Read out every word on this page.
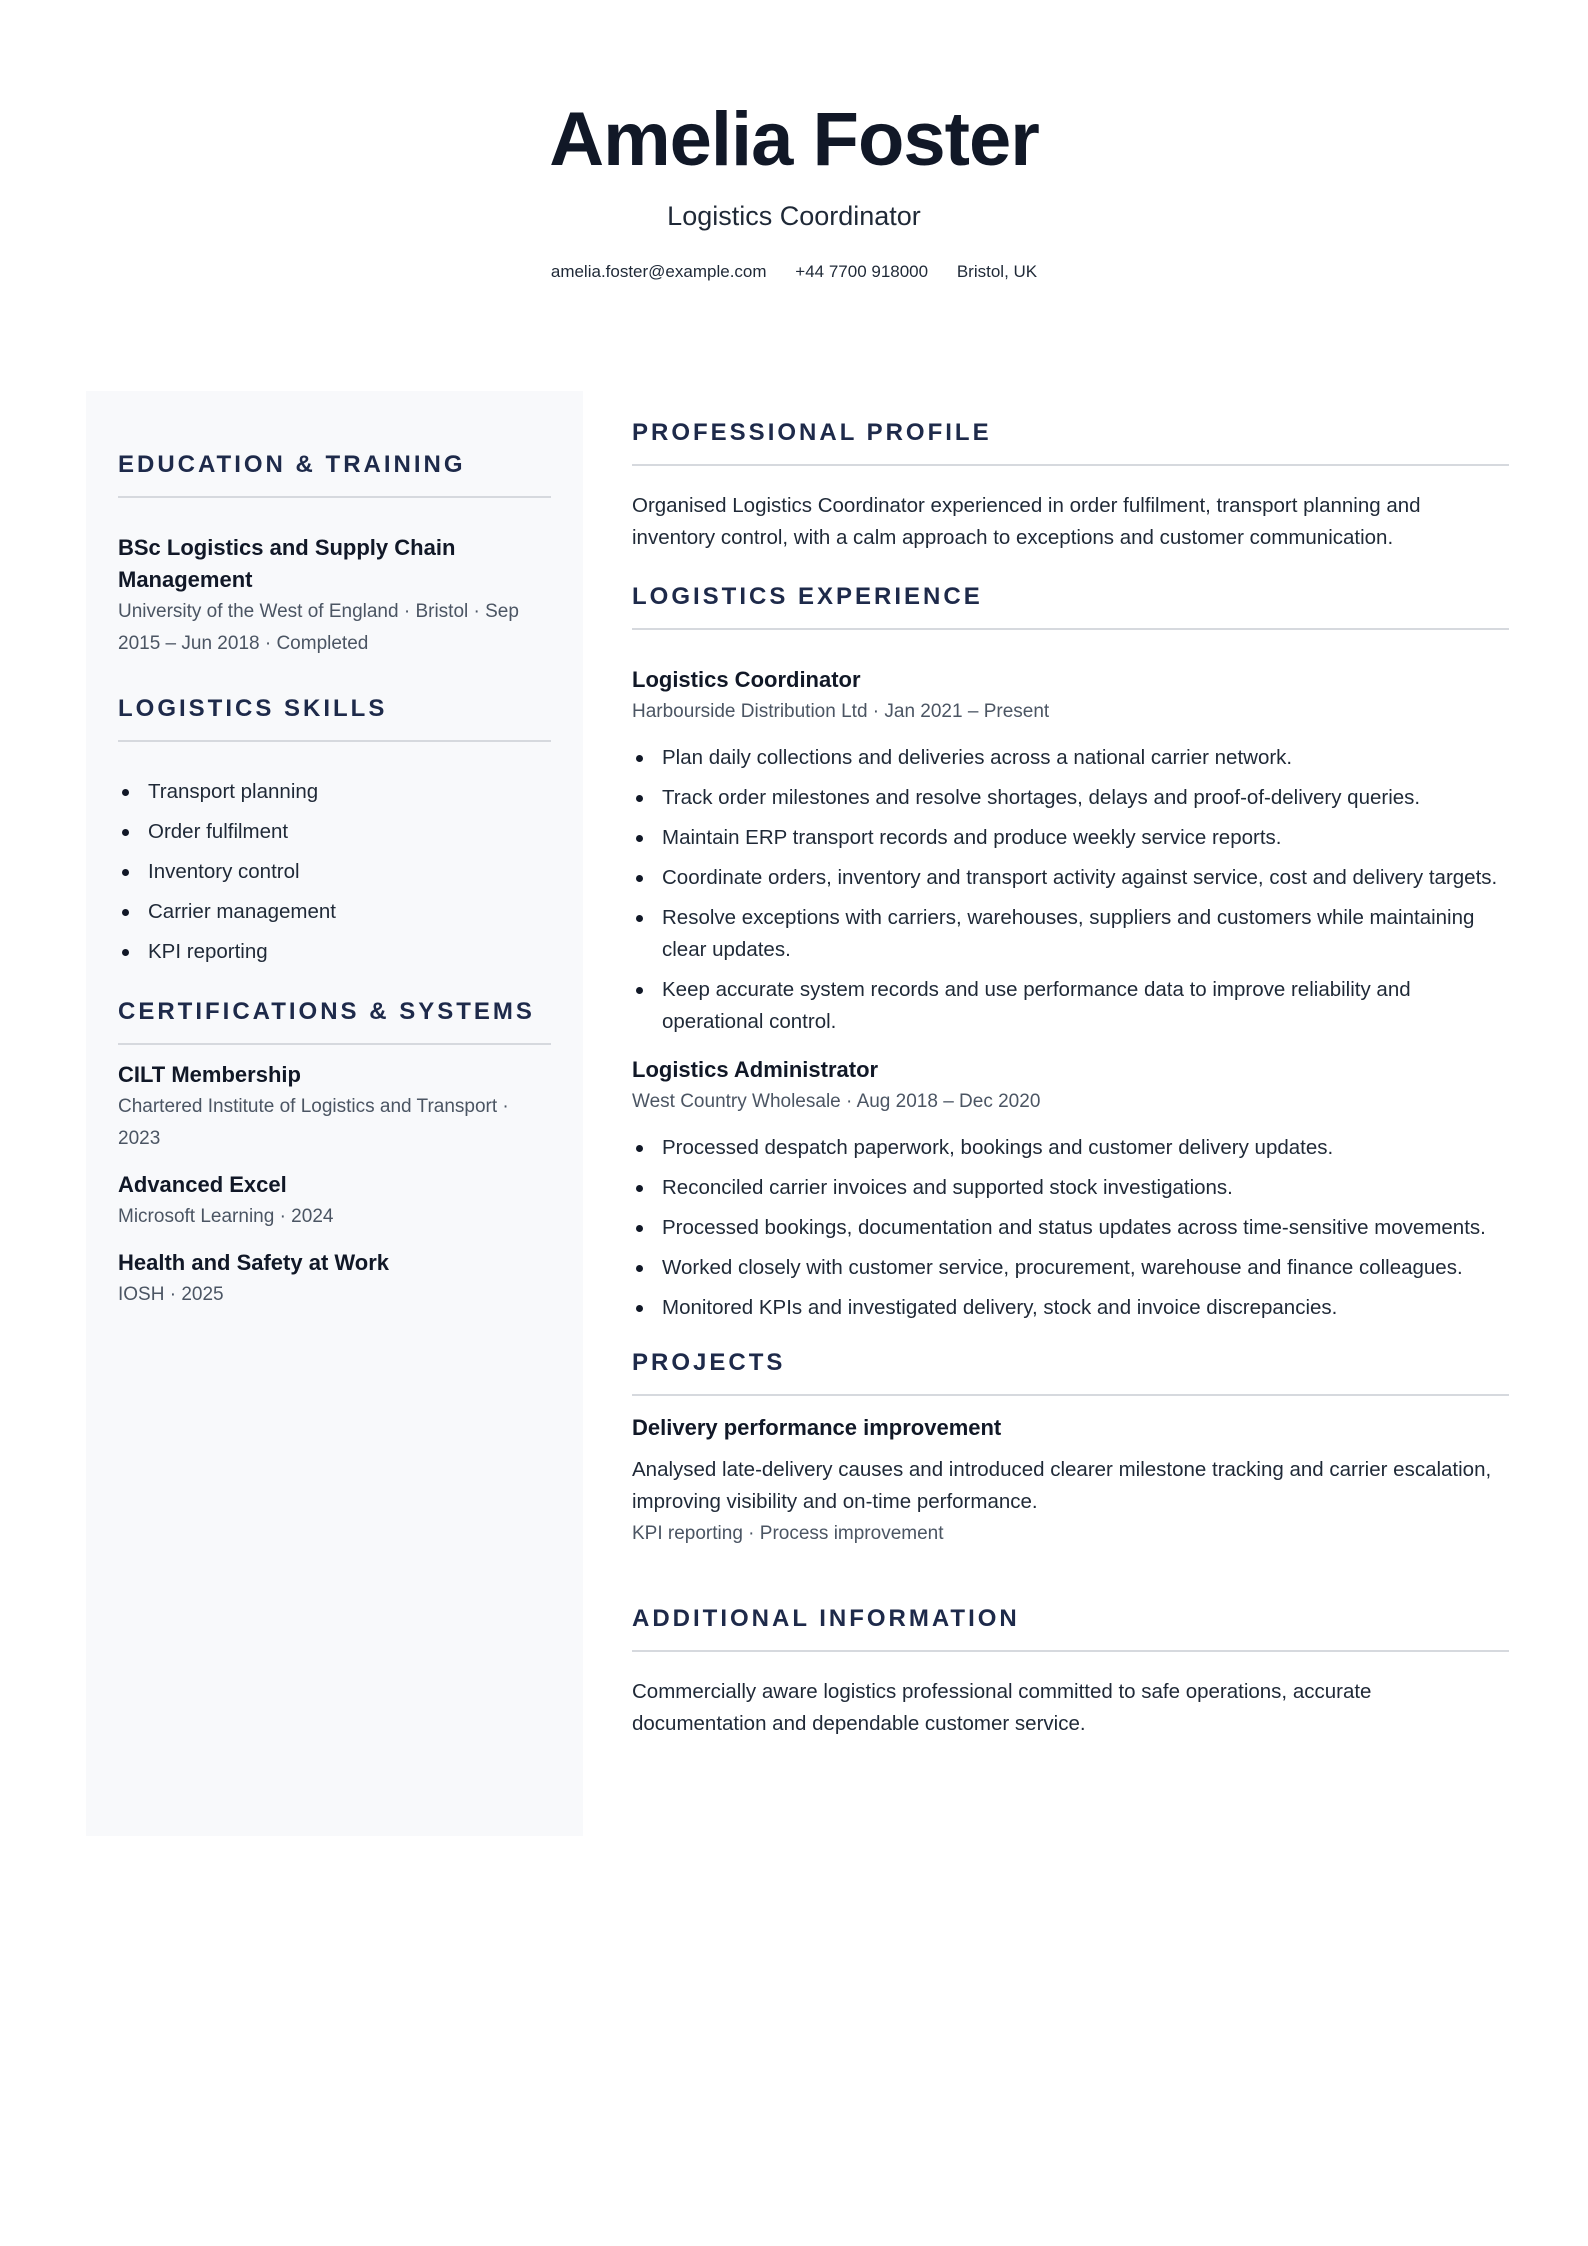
Amelia Foster
Logistics Coordinator
amelia.foster@example.com +44 7700 918000 Bristol, UK
EDUCATION & TRAINING
BSc Logistics and Supply Chain Management
University of the West of England · Bristol · Sep 2015 – Jun 2018 · Completed
LOGISTICS SKILLS
Transport planning
Order fulfilment
Inventory control
Carrier management
KPI reporting
CERTIFICATIONS & SYSTEMS
CILT Membership
Chartered Institute of Logistics and Transport · 2023
Advanced Excel
Microsoft Learning · 2024
Health and Safety at Work
IOSH · 2025
PROFESSIONAL PROFILE
Organised Logistics Coordinator experienced in order fulfilment, transport planning and inventory control, with a calm approach to exceptions and customer communication.
LOGISTICS EXPERIENCE
Logistics Coordinator
Harbourside Distribution Ltd · Jan 2021 – Present
Plan daily collections and deliveries across a national carrier network.
Track order milestones and resolve shortages, delays and proof-of-delivery queries.
Maintain ERP transport records and produce weekly service reports.
Coordinate orders, inventory and transport activity against service, cost and delivery targets.
Resolve exceptions with carriers, warehouses, suppliers and customers while maintaining clear updates.
Keep accurate system records and use performance data to improve reliability and operational control.
Logistics Administrator
West Country Wholesale · Aug 2018 – Dec 2020
Processed despatch paperwork, bookings and customer delivery updates.
Reconciled carrier invoices and supported stock investigations.
Processed bookings, documentation and status updates across time-sensitive movements.
Worked closely with customer service, procurement, warehouse and finance colleagues.
Monitored KPIs and investigated delivery, stock and invoice discrepancies.
PROJECTS
Delivery performance improvement
Analysed late-delivery causes and introduced clearer milestone tracking and carrier escalation, improving visibility and on-time performance.
KPI reporting · Process improvement
ADDITIONAL INFORMATION
Commercially aware logistics professional committed to safe operations, accurate documentation and dependable customer service.
